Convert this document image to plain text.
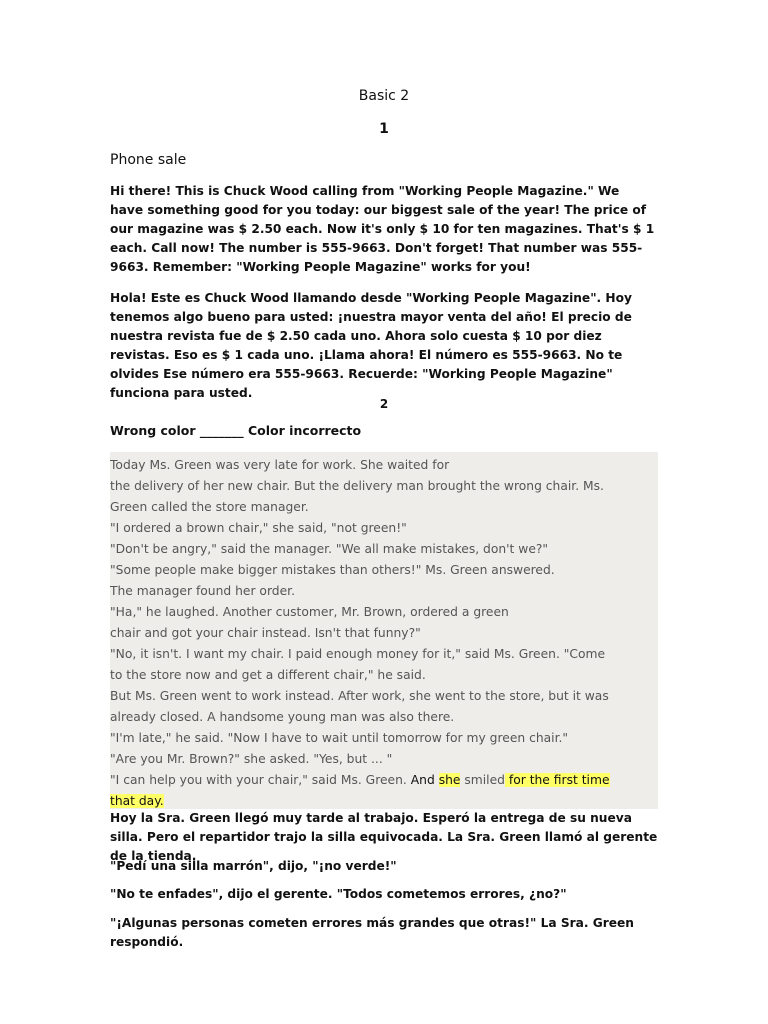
Basic 2
1
Phone sale

Hi there! This is Chuck Wood calling from "Working People Magazine." We have something good for you today: our biggest sale of the year! The price of our magazine was $ 2.50 each. Now it's only $ 10 for ten magazines. That's $ 1 each. Call now! The number is 555-9663. Don't forget! That number was 555-9663. Remember: "Working People Magazine" works for you!

Hola! Este es Chuck Wood llamando desde "Working People Magazine". Hoy tenemos algo bueno para usted: ¡nuestra mayor venta del año! El precio de nuestra revista fue de $ 2.50 cada uno. Ahora solo cuesta $ 10 por diez revistas. Eso es $ 1 cada uno. ¡Llama ahora! El número es 555-9663. No te olvides Ese número era 555-9663. Recuerde: "Working People Magazine" funciona para usted.

2
Wrong color _______ Color incorrecto
Today Ms. Green was very late for work. She waited for
the delivery of her new chair. But the delivery man brought the wrong chair. Ms.
Green called the store manager.
"I ordered a brown chair," she said, "not green!"
"Don't be angry," said the manager. "We all make mistakes, don't we?"
"Some people make bigger mistakes than others!" Ms. Green answered.
The manager found her order.
"Ha," he laughed. Another customer, Mr. Brown, ordered a green
chair and got your chair instead. Isn't that funny?"
"No, it isn't. I want my chair. I paid enough money for it," said Ms. Green. "Come
to the store now and get a different chair," he said.
But Ms. Green went to work instead. After work, she went to the store, but it was
already closed. A handsome young man was also there.
"I'm late," he said. "Now I have to wait until tomorrow for my green chair."
"Are you Mr. Brown?" she asked. "Yes, but ... "
"I can help you with your chair," said Ms. Green. And she smiled for the first time
that day.

Hoy la Sra. Green llegó muy tarde al trabajo. Esperó la entrega de su nueva silla. Pero el repartidor trajo la silla equivocada. La Sra. Green llamó al gerente de la tienda.

"Pedí una silla marrón", dijo, "¡no verde!"

"No te enfades", dijo el gerente. "Todos cometemos errores, ¿no?"

"¡Algunas personas cometen errores más grandes que otras!" La Sra. Green respondió.
